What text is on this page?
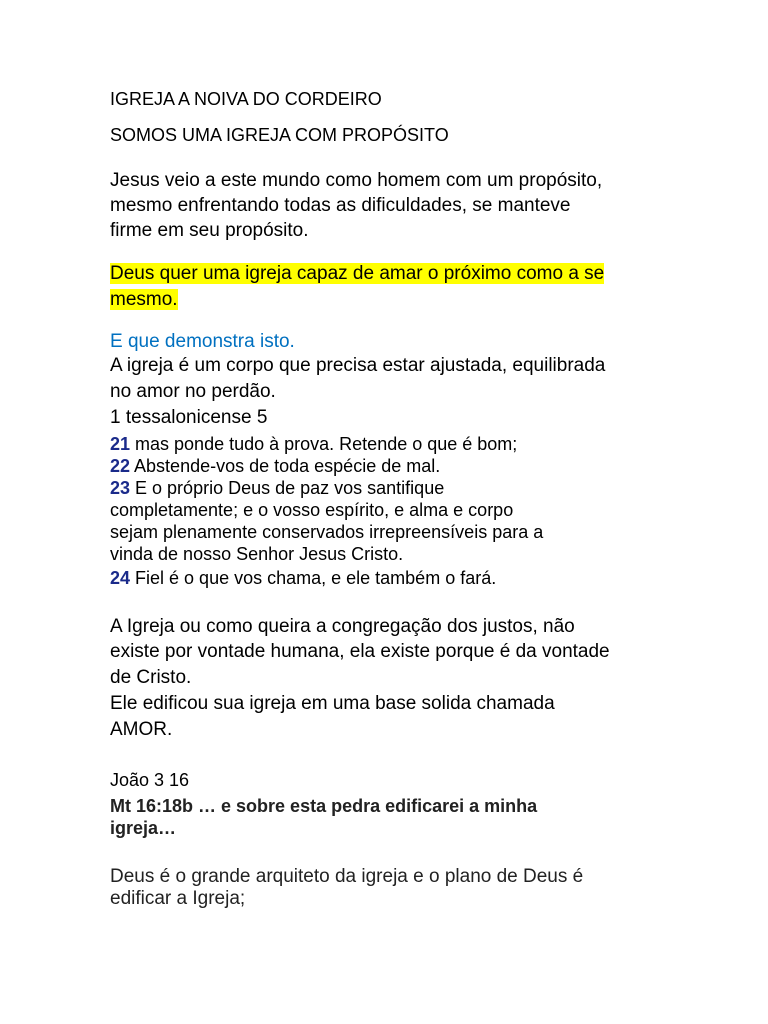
IGREJA A NOIVA DO CORDEIRO
SOMOS UMA IGREJA COM PROPÓSITO
Jesus veio a este mundo como homem com um propósito,
mesmo enfrentando todas as dificuldades, se manteve
firme em seu propósito.
Deus quer uma igreja capaz de amar o próximo como a se
mesmo.
E que demonstra isto.
A igreja é um corpo que precisa estar ajustada, equilibrada
no amor no perdão.
1 tessalonicense 5
21 mas ponde tudo à prova. Retende o que é bom;
22 Abstende-vos de toda espécie de mal.
23 E o próprio Deus de paz vos santifique
completamente; e o vosso espírito, e alma e corpo
sejam plenamente conservados irrepreensíveis para a
vinda de nosso Senhor Jesus Cristo.
24 Fiel é o que vos chama, e ele também o fará.
A Igreja ou como queira a congregação dos justos, não
existe por vontade humana, ela existe porque é da vontade
de Cristo.
Ele edificou sua igreja em uma base solida chamada
AMOR.
João 3 16
Mt 16:18b … e sobre esta pedra edificarei a minha
igreja…
Deus é o grande arquiteto da igreja e o plano de Deus é
edificar a Igreja;
